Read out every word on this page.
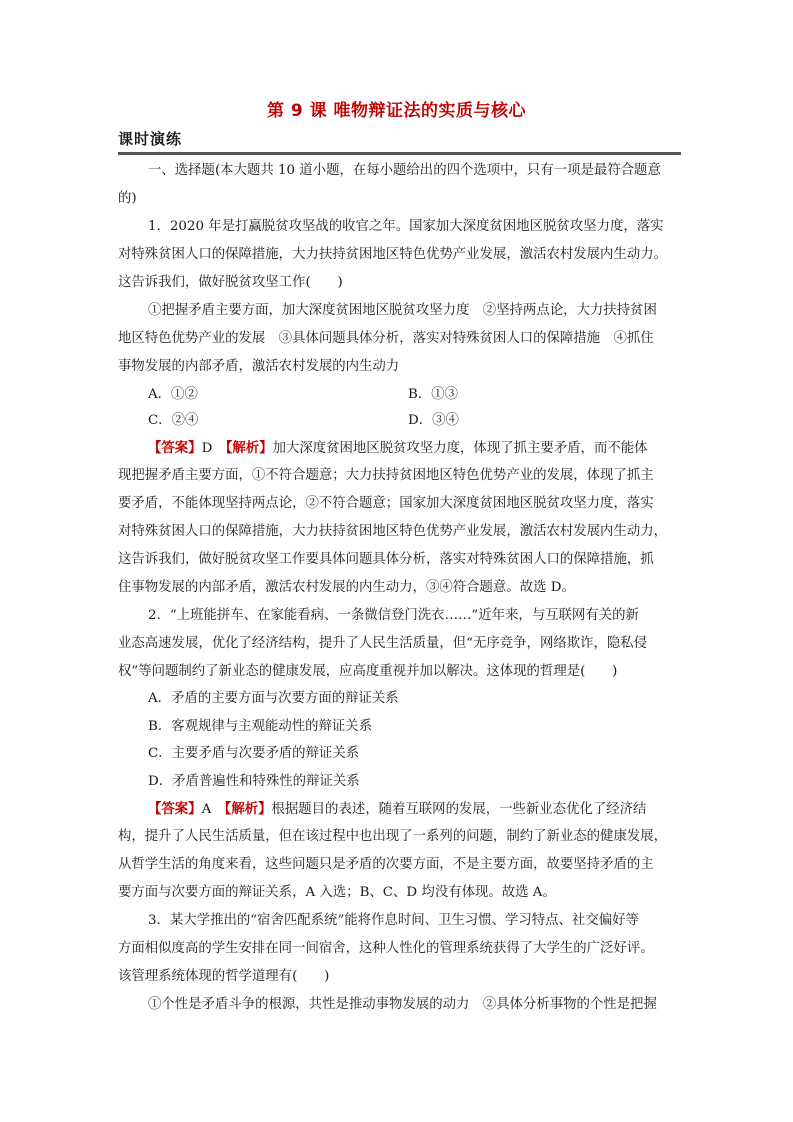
第 9 课 唯物辩证法的实质与核心
课时演练
一、选择题(本大题共 10 道小题，在每小题给出的四个选项中，只有一项是最符合题意
的)
1．2020 年是打赢脱贫攻坚战的收官之年。国家加大深度贫困地区脱贫攻坚力度，落实
对特殊贫困人口的保障措施，大力扶持贫困地区特色优势产业发展，激活农村发展内生动力。
这告诉我们，做好脱贫攻坚工作(　　)
①把握矛盾主要方面，加大深度贫困地区脱贫攻坚力度　②坚持两点论，大力扶持贫困
地区特色优势产业的发展　③具体问题具体分析，落实对特殊贫困人口的保障措施　④抓住
事物发展的内部矛盾，激活农村发展的内生动力
A．①②	B．①③
C．②④	D．③④
【答案】D　【解析】加大深度贫困地区脱贫攻坚力度，体现了抓主要矛盾，而不能体
现把握矛盾主要方面，①不符合题意；大力扶持贫困地区特色优势产业的发展，体现了抓主
要矛盾，不能体现坚持两点论，②不符合题意；国家加大深度贫困地区脱贫攻坚力度，落实
对特殊贫困人口的保障措施，大力扶持贫困地区特色优势产业发展，激活农村发展内生动力，
这告诉我们，做好脱贫攻坚工作要具体问题具体分析，落实对特殊贫困人口的保障措施，抓
住事物发展的内部矛盾，激活农村发展的内生动力，③④符合题意。故选 D。
2．“上班能拼车、在家能看病、一条微信登门洗衣……”近年来，与互联网有关的新
业态高速发展，优化了经济结构，提升了人民生活质量，但“无序竞争，网络欺诈，隐私侵
权”等问题制约了新业态的健康发展，应高度重视并加以解决。这体现的哲理是(　　)
A．矛盾的主要方面与次要方面的辩证关系
B．客观规律与主观能动性的辩证关系
C．主要矛盾与次要矛盾的辩证关系
D．矛盾普遍性和特殊性的辩证关系
【答案】A　【解析】根据题目的表述，随着互联网的发展，一些新业态优化了经济结
构，提升了人民生活质量，但在该过程中也出现了一系列的问题，制约了新业态的健康发展，
从哲学生活的角度来看，这些问题只是矛盾的次要方面，不是主要方面，故要坚持矛盾的主
要方面与次要方面的辩证关系，A 入选；B、C、D 均没有体现。故选 A。
3．某大学推出的“宿舍匹配系统”能将作息时间、卫生习惯、学习特点、社交偏好等
方面相似度高的学生安排在同一间宿舍，这种人性化的管理系统获得了大学生的广泛好评。
该管理系统体现的哲学道理有(　　)
①个性是矛盾斗争的根源，共性是推动事物发展的动力　②具体分析事物的个性是把握
